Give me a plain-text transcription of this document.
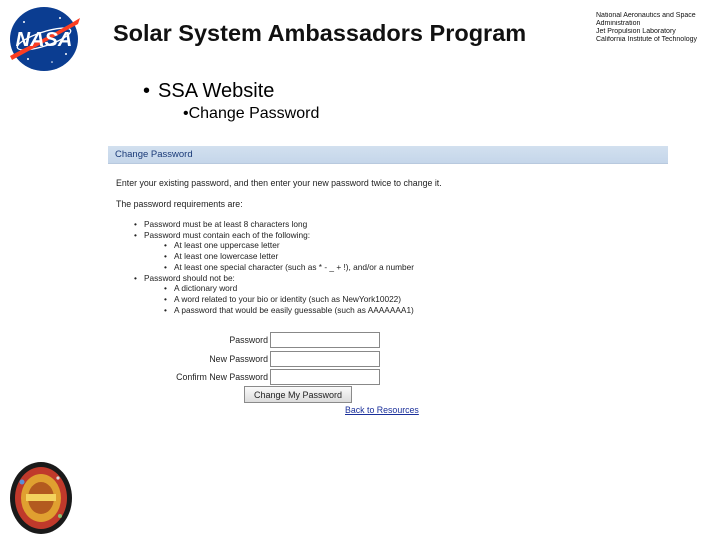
NASA Solar System Ambassadors Program
National Aeronautics and Space
Administration
Jet Propulsion Laboratory
California Institute of Technology
• SSA Website
•Change Password
Change Password
Enter your existing password, and then enter your new password twice to change it.
The password requirements are:
• Password must be at least 8 characters long
• Password must contain each of the following:
• At least one uppercase letter
• At least one lowercase letter
• At least one special character (such as * - _ + !), and/or a number
• Password should not be:
• A dictionary word
• A word related to your bio or identity (such as NewYork10022)
• A password that would be easily guessable (such as AAAAAAA1)
Password
New Password
Confirm New Password
Change My Password
Back to Resources
